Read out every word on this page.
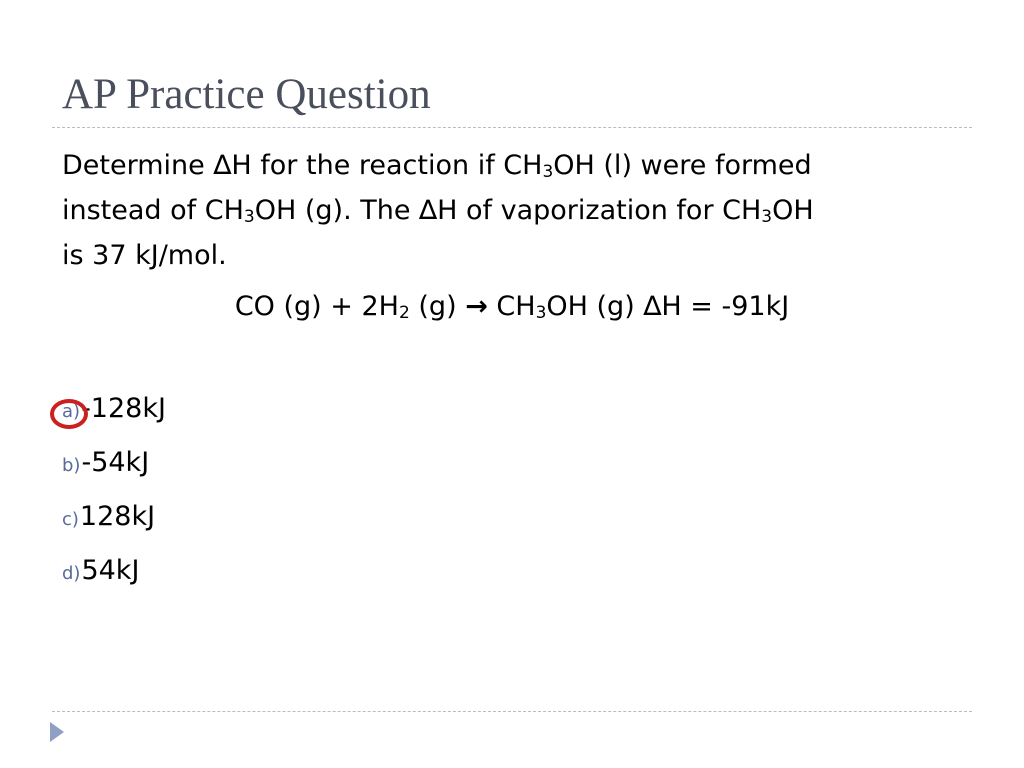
AP Practice Question
Determine ∆H for the reaction if $CH_3OH$ (l) were formed
instead of $CH_3OH$ (g). The ∆H of vaporization for $CH_3OH$
is 37 kJ/mol.
CO $(g) + 2H_2$ $(g) \to CH_3OH$ (g) ∆H = -91kJ
a) -128kJ
b) -54kJ
c) 128kJ
d) 54kJ
